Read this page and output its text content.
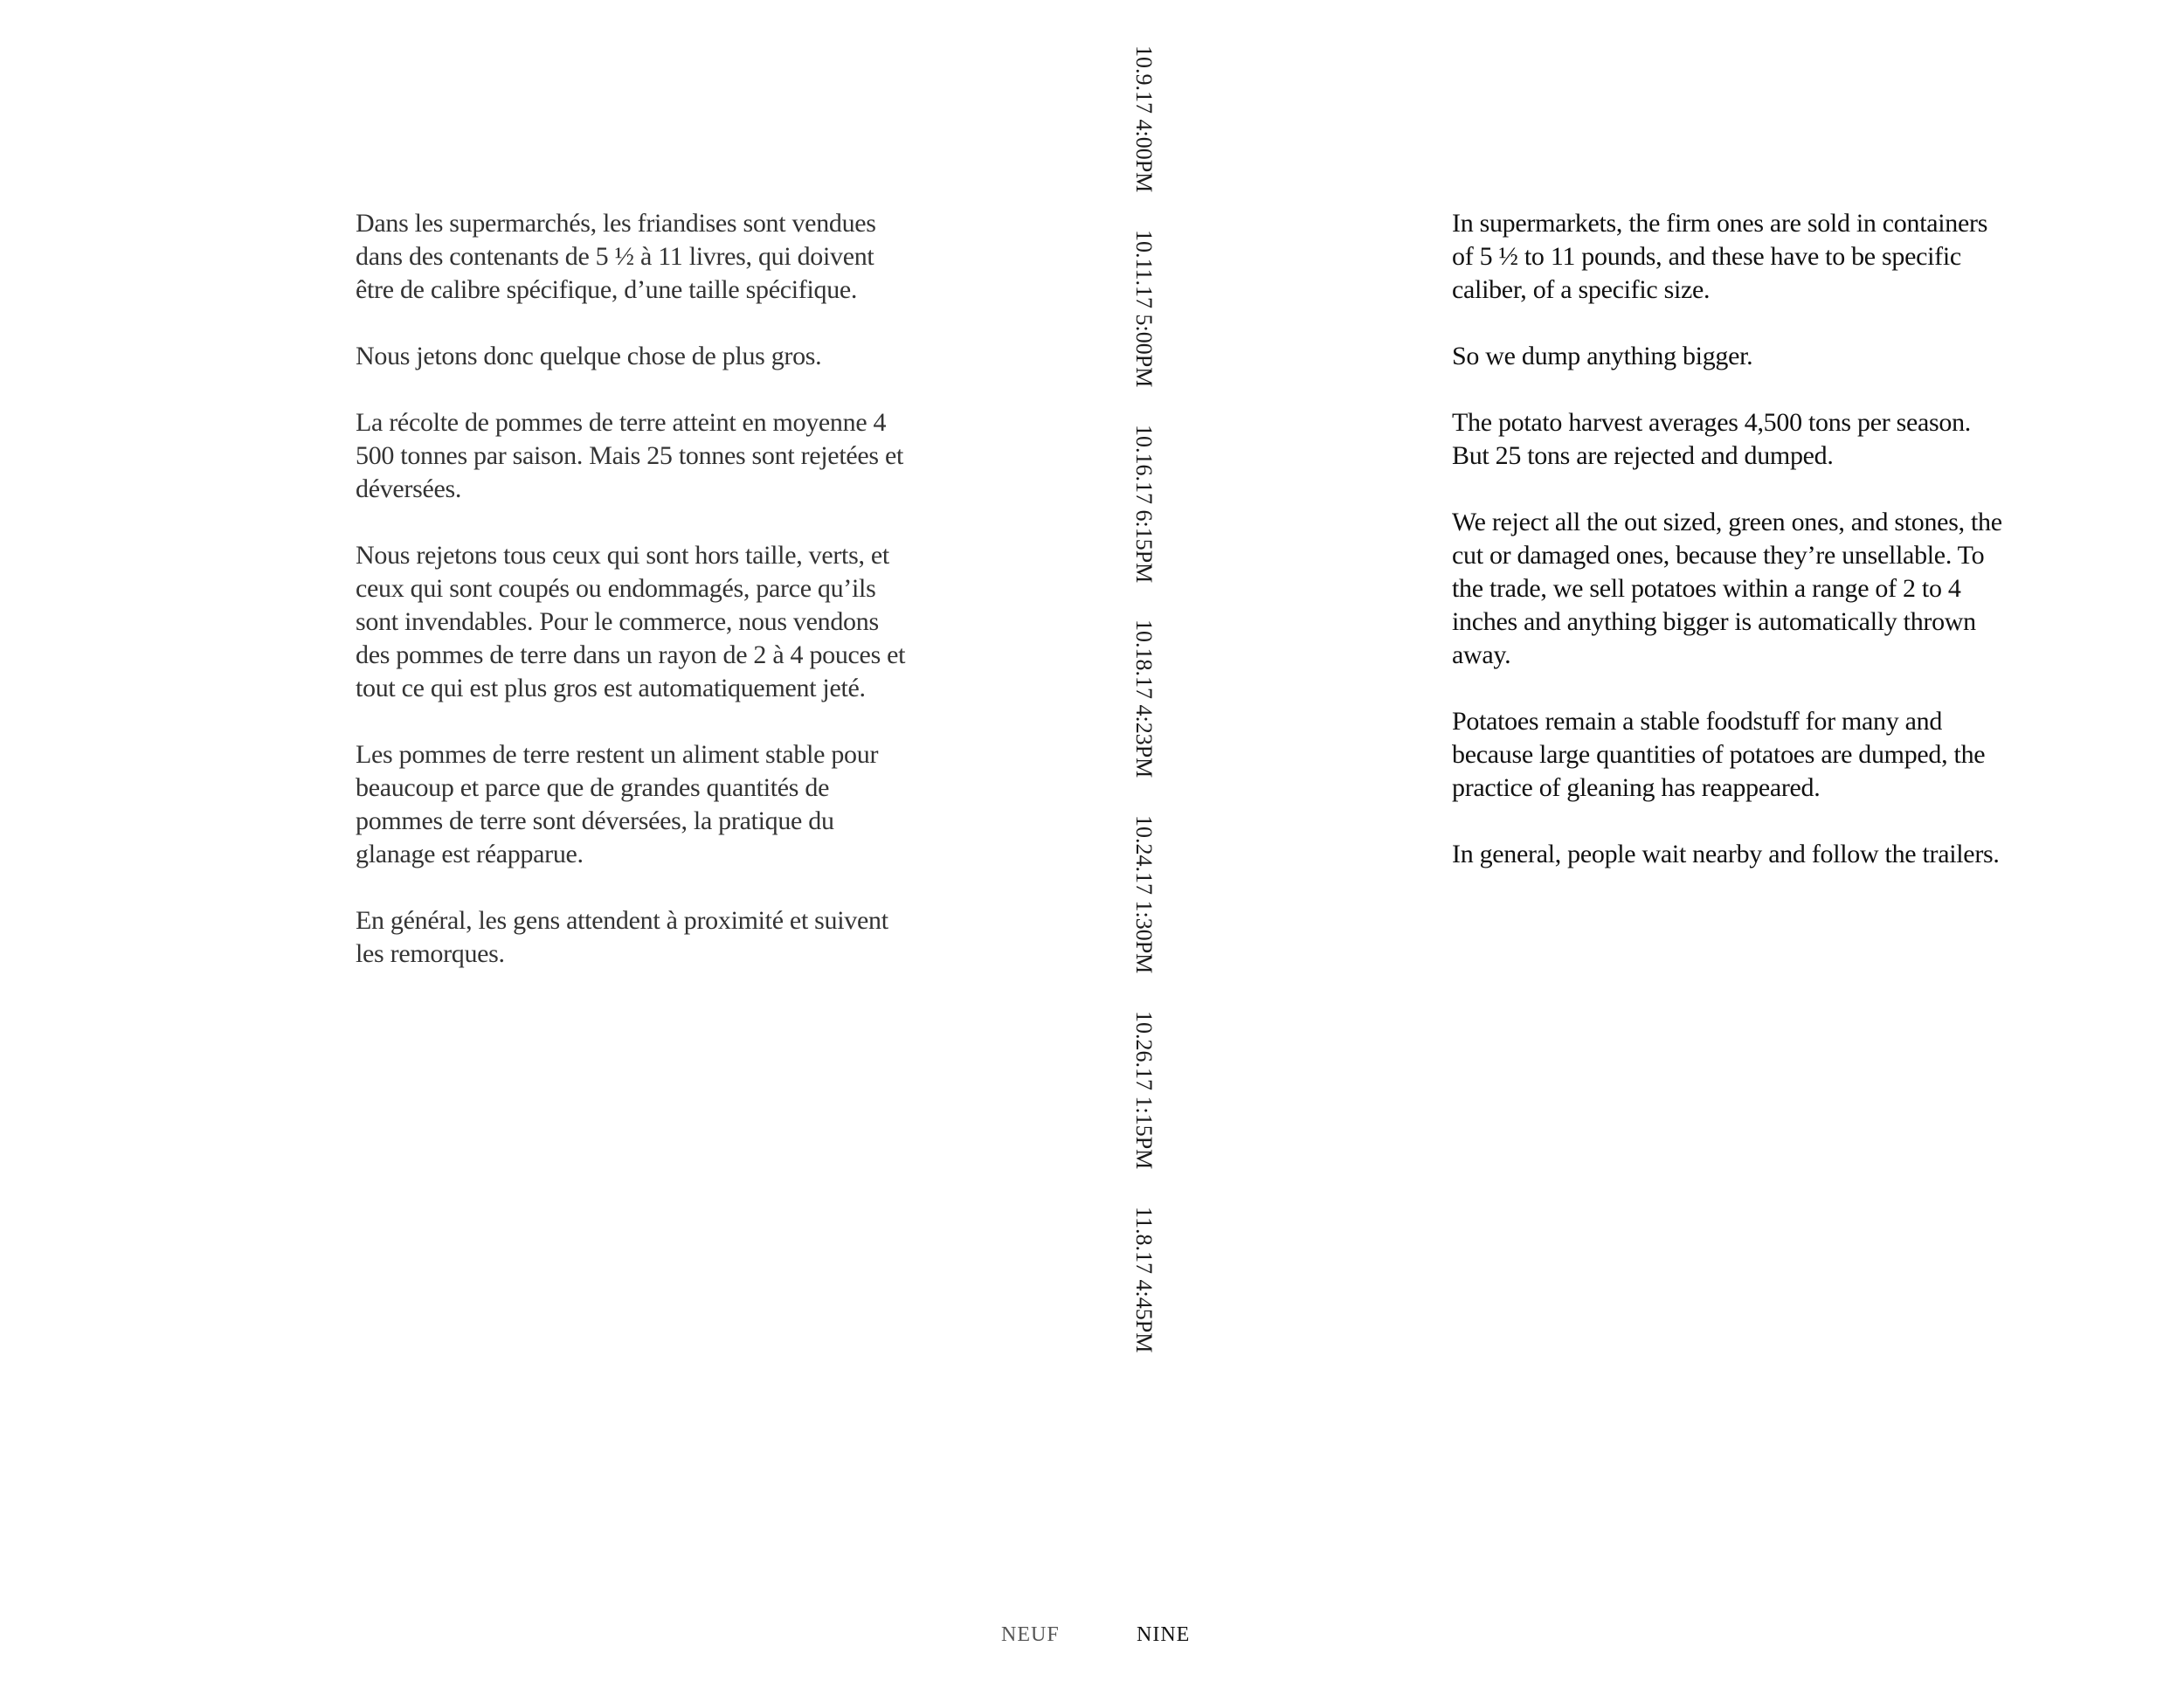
Dans les supermarchés, les friandises sont vendues dans des contenants de 5 ½ à 11 livres, qui doivent être de calibre spécifique, d’une taille spécifique.

Nous jetons donc quelque chose de plus gros.

La récolte de pommes de terre atteint en moyenne 4 500 tonnes par saison. Mais 25 tonnes sont rejetées et déversées.

Nous rejetons tous ceux qui sont hors taille, verts, et ceux qui sont coupés ou endommagés, parce qu’ils sont invendables. Pour le commerce, nous vendons des pommes de terre dans un rayon de 2 à 4 pouces et tout ce qui est plus gros est automatiquement jeté.

Les pommes de terre restent un aliment stable pour beaucoup et parce que de grandes quantités de pommes de terre sont déversées, la pratique du glanage est réapparue.

En général, les gens attendent à proximité et suivent les remorques.

NEUF
10.9.17 4:00PM 10.11.17 5:00PM 10.16.17 6:15PM 10.18.17 4:23PM 10.24.17 1:30PM 10.26.17 1:15PM 11.8.17 4:45PM
NINE

In supermarkets, the firm ones are sold in containers of 5 ½ to 11 pounds, and these have to be specific caliber, of a specific size.

So we dump anything bigger.

The potato harvest averages 4,500 tons per season. But 25 tons are rejected and dumped.

We reject all the out sized, green ones, and stones, the cut or damaged ones, because they’re unsellable. To the trade, we sell potatoes within a range of 2 to 4 inches and anything bigger is automatically thrown away.

Potatoes remain a stable foodstuff for many and because large quantities of potatoes are dumped, the practice of gleaning has reappeared.

In general, people wait nearby and follow the trailers.
